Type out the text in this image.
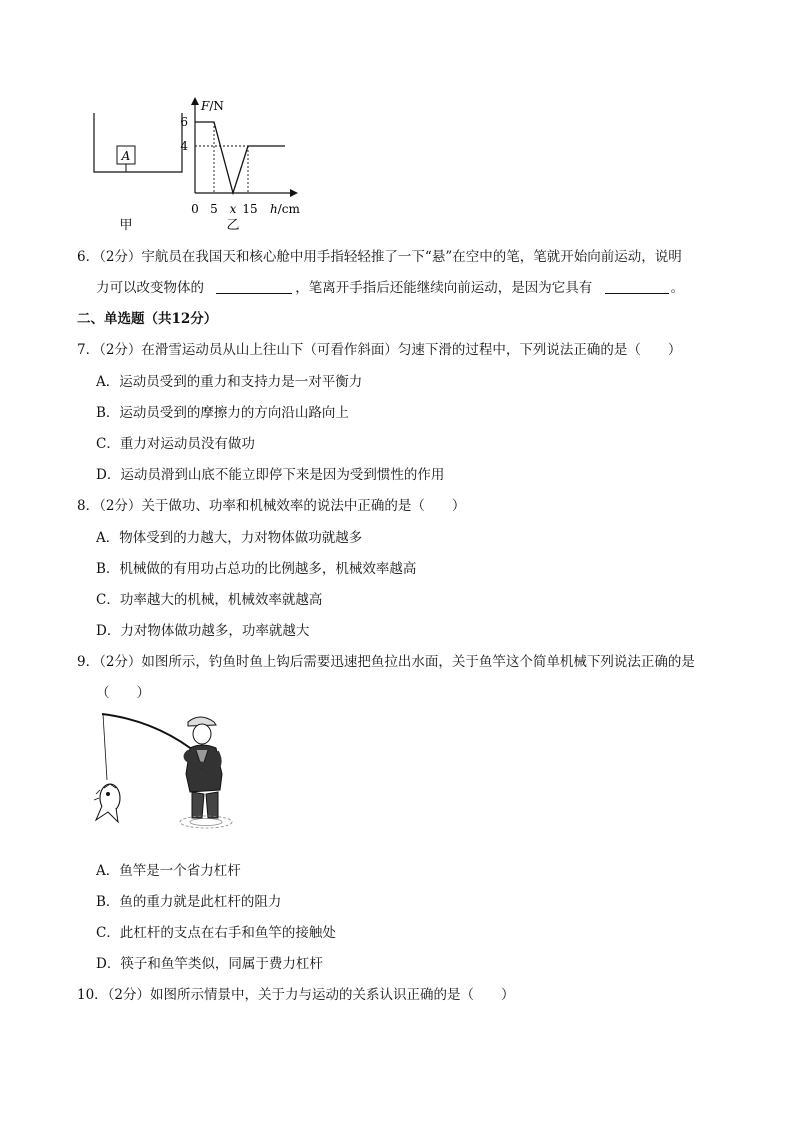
A
甲
F/N
6
4
0 5 x 15 h/cm
乙
6．（2分）宇航员在我国天和核心舱中用手指轻轻推了一下“悬”在空中的笔，笔就开始向前运动，说明
力可以改变物体的	，笔离开手指后还能继续向前运动，是因为它具有	。
二、单选题（共12分）
7．（2分）在滑雪运动员从山上往山下（可看作斜面）匀速下滑的过程中，下列说法正确的是（　　）
A．运动员受到的重力和支持力是一对平衡力
B．运动员受到的摩擦力的方向沿山路向上
C．重力对运动员没有做功
D．运动员滑到山底不能立即停下来是因为受到惯性的作用
8．（2分）关于做功、功率和机械效率的说法中正确的是（　　）
A．物体受到的力越大，力对物体做功就越多
B．机械做的有用功占总功的比例越多，机械效率越高
C．功率越大的机械，机械效率就越高
D．力对物体做功越多，功率就越大
9．（2分）如图所示，钓鱼时鱼上钩后需要迅速把鱼拉出水面，关于鱼竿这个简单机械下列说法正确的是
（　　）
A．鱼竿是一个省力杠杆
B．鱼的重力就是此杠杆的阻力
C．此杠杆的支点在右手和鱼竿的接触处
D．筷子和鱼竿类似，同属于费力杠杆
10．（2分）如图所示情景中，关于力与运动的关系认识正确的是（　　）
